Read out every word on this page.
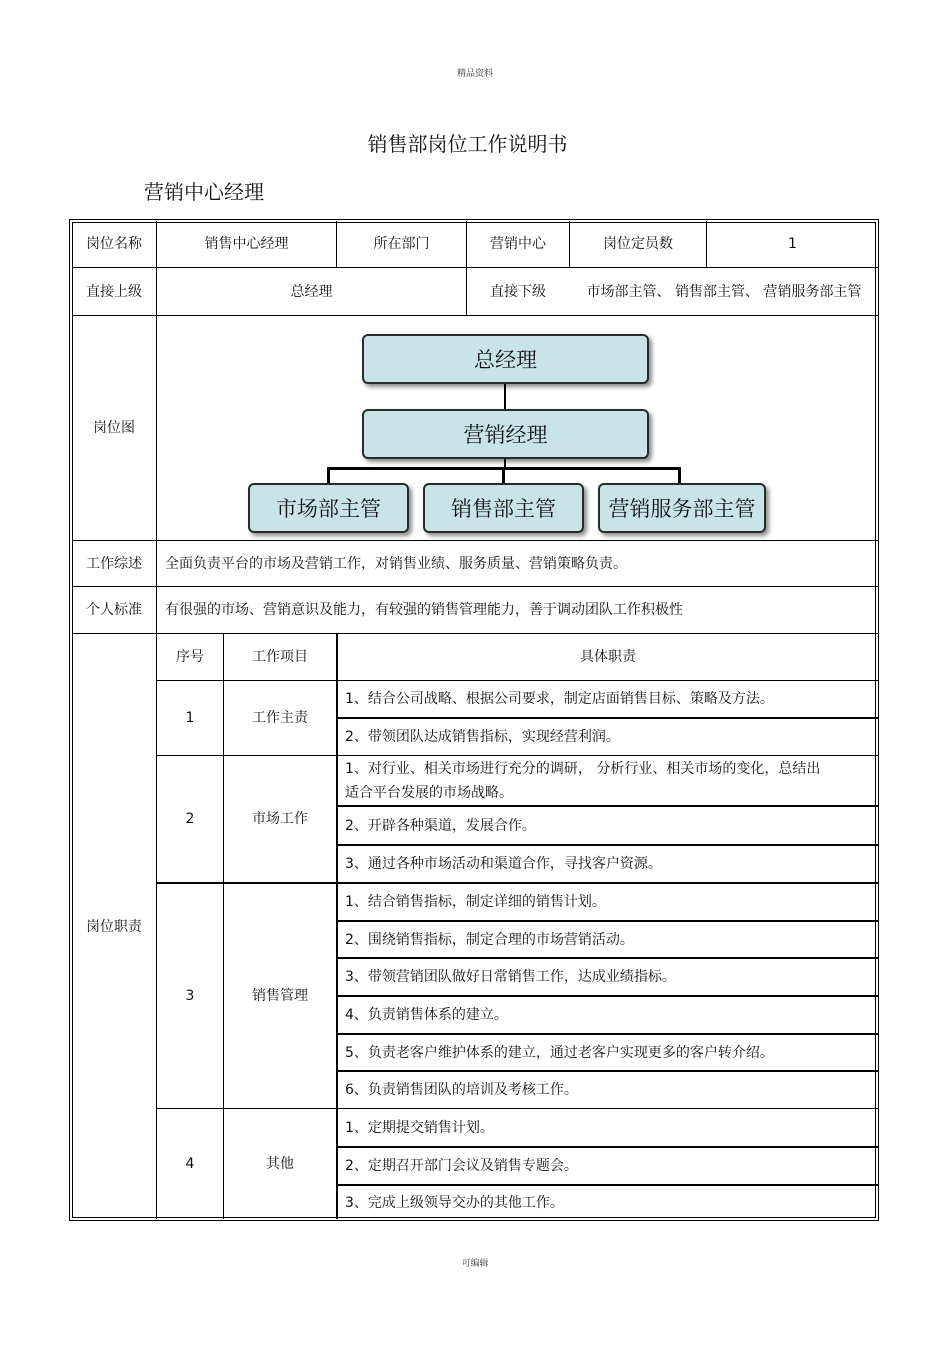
精品资料
销售部岗位工作说明书
营销中心经理
岗位名称	销售中心经理	所在部门	营销中心	岗位定员数	1
直接上级	总经理	直接下级	市场部主管、 销售部主管、 营销服务部主管
岗位图
总经理
营销经理
市场部主管	销售部主管	营销服务部主管
工作综述	全面负责平台的市场及营销工作，对销售业绩、服务质量、营销策略负责。
个人标准	有很强的市场、营销意识及能力，有较强的销售管理能力，善于调动团队工作积极性
岗位职责
序号	工作项目	具体职责
1	工作主责
1、结合公司战略、根据公司要求，制定店面销售目标、策略及方法。
2、带领团队达成销售指标，实现经营利润。
2	市场工作
1、对行业、相关市场进行充分的调研， 分析行业、相关市场的变化，总结出适合平台发展的市场战略。
2、开辟各种渠道，发展合作。
3、通过各种市场活动和渠道合作，寻找客户资源。
3	销售管理
1、结合销售指标，制定详细的销售计划。
2、围绕销售指标，制定合理的市场营销活动。
3、带领营销团队做好日常销售工作，达成业绩指标。
4、负责销售体系的建立。
5、负责老客户维护体系的建立，通过老客户实现更多的客户转介绍。
6、负责销售团队的培训及考核工作。
4	其他
1、定期提交销售计划。
2、定期召开部门会议及销售专题会。
3、完成上级领导交办的其他工作。
可编辑
